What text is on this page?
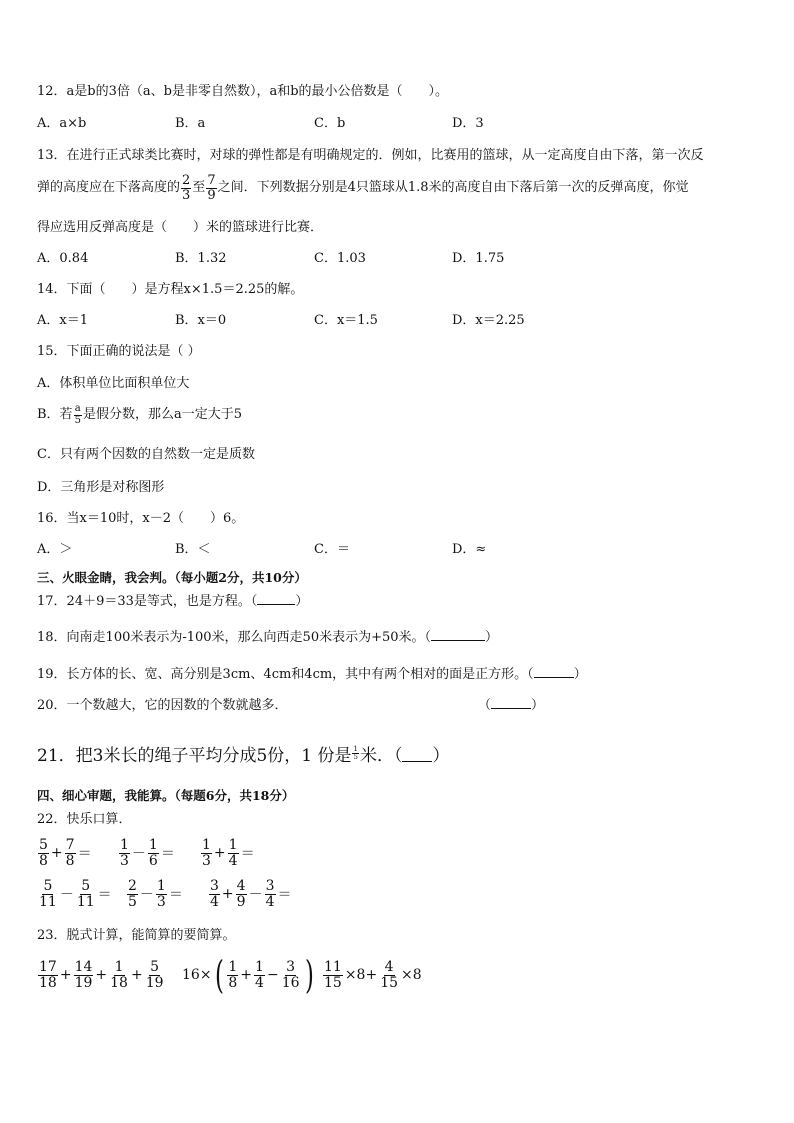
12．a是b的3倍（a、b是非零自然数），a和b的最小公倍数是（　　）。
A．a×b	B．a	C．b	D．3
13．在进行正式球类比赛时，对球的弹性都是有明确规定的．例如，比赛用的篮球，从一定高度自由下落，第一次反
弹的高度应在下落高度的 $\frac{2}{3}$ 至 $\frac{7}{9}$ 之间．下列数据分别是4只篮球从1.8米的高度自由下落后第一次的反弹高度，你觉
得应选用反弹高度是（　　）米的篮球进行比赛．
A．0.84	B．1.32	C．1.03	D．1.75
14．下面（　　）是方程x×1.5＝2.25的解。
A．x＝1	B．x＝0	C．x＝1.5	D．x＝2.25
15．下面正确的说法是（ ）
A．体积单位比面积单位大
B．若 $\frac{a}{5}$ 是假分数，那么a一定大于5
C．只有两个因数的自然数一定是质数
D．三角形是对称图形
16．当x＝10时，x－2（　　）6。
A．＞	B．＜	C．＝	D．≈
三、火眼金睛，我会判。（每小题2分，共10分）
17．24＋9＝33是等式，也是方程。（	）
18．向南走100米表示为-100米，那么向西走50米表示为+50米。（	）
19．长方体的长、宽、高分别是3cm、4cm和4cm，其中有两个相对的面是正方形。（	）
20．一个数越大，它的因数的个数就越多．	（	）
21．把3米长的绳子平均分成5份，1 份是 $\frac{1}{5}$ 米．（ ）
四、细心审题，我能算。（每题6分，共18分）
22．快乐口算．
$\frac{5}{8} + \frac{7}{8} = \frac{1}{3} - \frac{1}{6} = \frac{1}{3} + \frac{1}{4}$ ＝
$\frac{5}{11} - \frac{5}{11} = \frac{2}{5} - \frac{1}{3} = \frac{3}{4} + \frac{4}{9} - \frac{3}{4}$ ＝
23．脱式计算，能简算的要简算。
$\frac{17}{18} + \frac{14}{19} + \frac{1}{18} + \frac{5}{19} 16\times$ ( $\frac{1}{8} + \frac{1}{4} - \frac{3}{16}$ ) $\frac{11}{15} \times 8+ \frac{4}{15} \times 8$
